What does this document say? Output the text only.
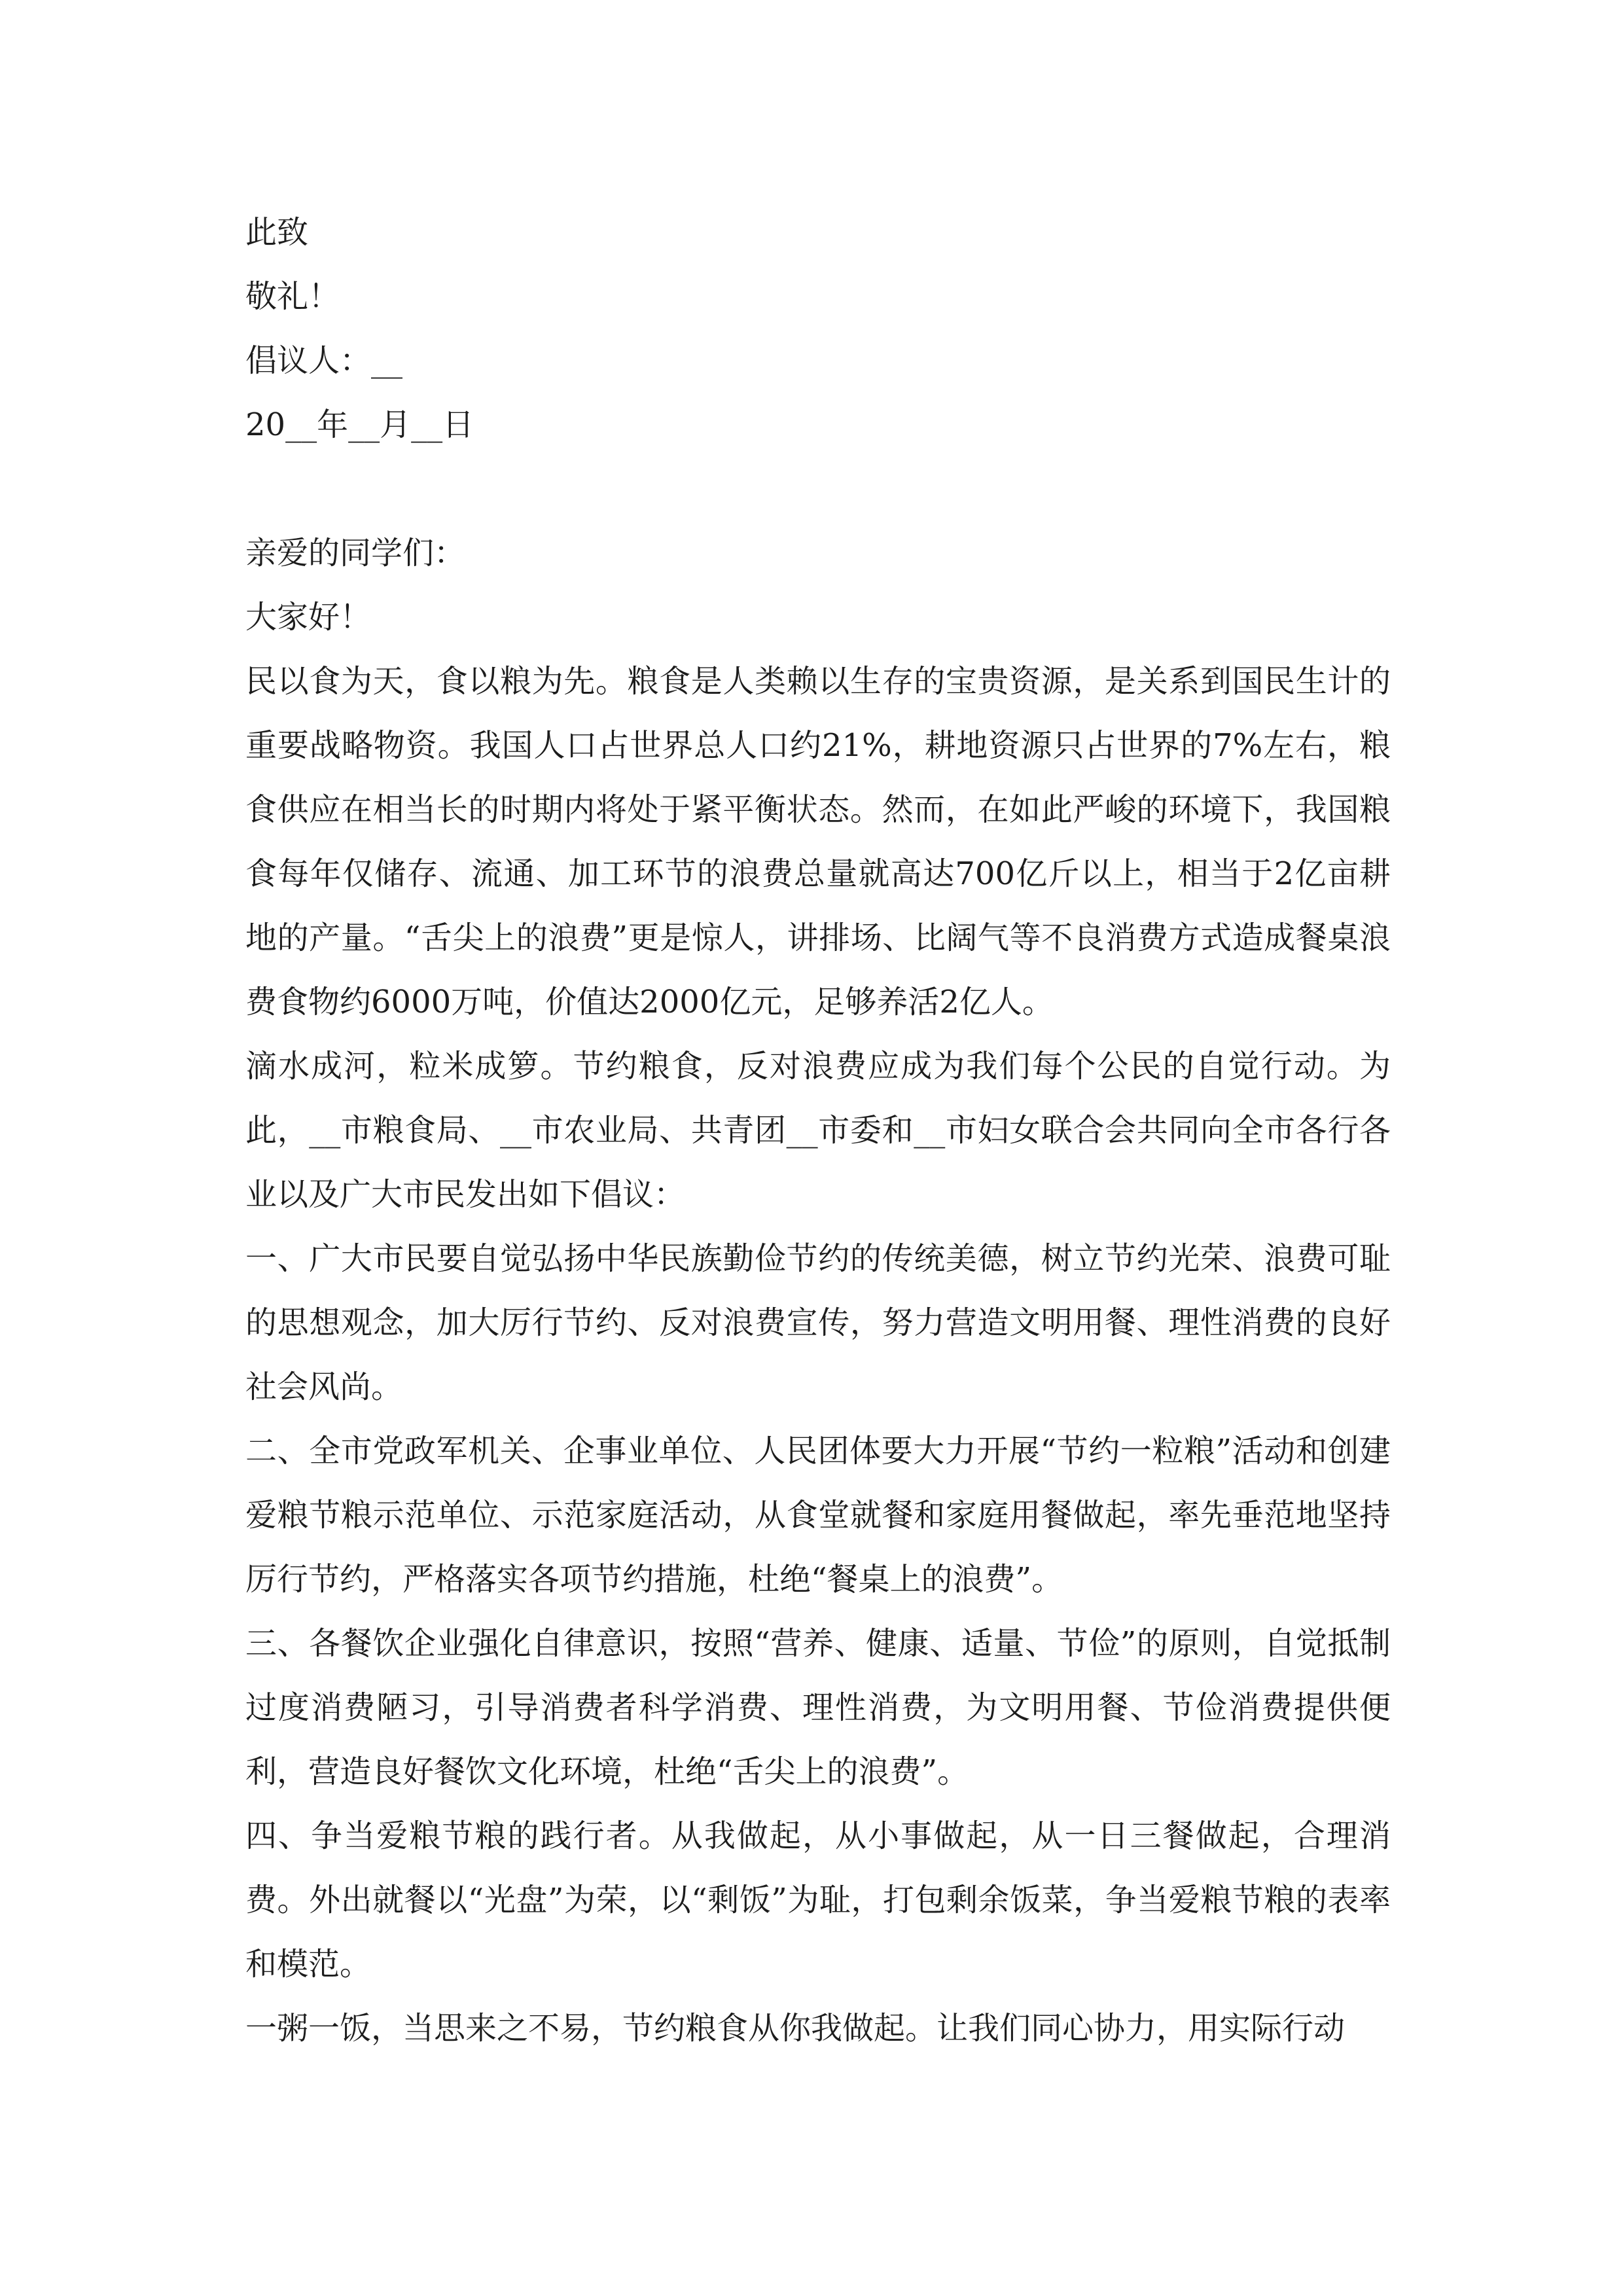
此致

敬礼！

倡议人：__

20__年__月__日

亲爱的同学们：

大家好！

民以食为天，食以粮为先。粮食是人类赖以生存的宝贵资源，是关系到国民生计的重要战略物资。我国人口占世界总人口约21%，耕地资源只占世界的7%左右，粮食供应在相当长的时期内将处于紧平衡状态。然而，在如此严峻的环境下，我国粮食每年仅储存、流通、加工环节的浪费总量就高达700亿斤以上，相当于2亿亩耕地的产量。“舌尖上的浪费”更是惊人，讲排场、比阔气等不良消费方式造成餐桌浪费食物约6000万吨，价值达2000亿元，足够养活2亿人。

滴水成河，粒米成箩。节约粮食，反对浪费应成为我们每个公民的自觉行动。为此，__市粮食局、__市农业局、共青团__市委和__市妇女联合会共同向全市各行各业以及广大市民发出如下倡议：

一、广大市民要自觉弘扬中华民族勤俭节约的传统美德，树立节约光荣、浪费可耻的思想观念，加大厉行节约、反对浪费宣传，努力营造文明用餐、理性消费的良好社会风尚。

二、全市党政军机关、企事业单位、人民团体要大力开展“节约一粒粮”活动和创建爱粮节粮示范单位、示范家庭活动，从食堂就餐和家庭用餐做起，率先垂范地坚持厉行节约，严格落实各项节约措施，杜绝“餐桌上的浪费”。

三、各餐饮企业强化自律意识，按照“营养、健康、适量、节俭”的原则，自觉抵制过度消费陋习，引导消费者科学消费、理性消费，为文明用餐、节俭消费提供便利，营造良好餐饮文化环境，杜绝“舌尖上的浪费”。

四、争当爱粮节粮的践行者。从我做起，从小事做起，从一日三餐做起，合理消费。外出就餐以“光盘”为荣，以“剩饭”为耻，打包剩余饭菜，争当爱粮节粮的表率和模范。

一粥一饭，当思来之不易，节约粮食从你我做起。让我们同心协力，用实际行动
